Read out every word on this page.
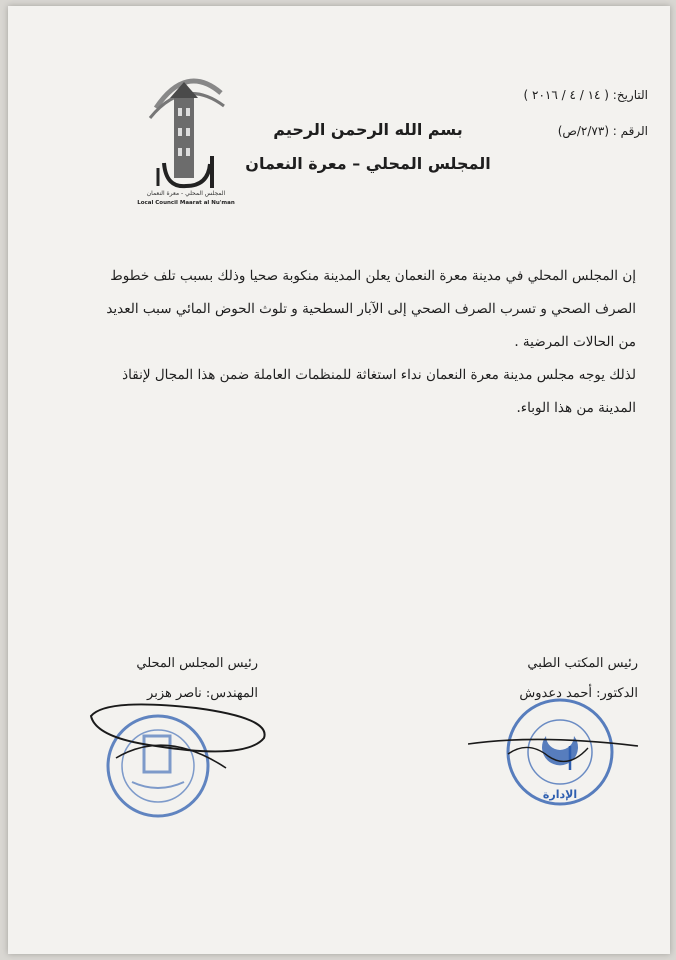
المجلس المحلي - معرة النعمان
Local Council Maarat al Nu'man
التاريخ: ( ١٤ / ٤ / ٢٠١٦ )
الرقم : (٢/٧٣/ص)
بسم الله الرحمن الرحيم
المجلس المحلي – معرة النعمان

إن المجلس المحلي في مدينة معرة النعمان يعلن المدينة منكوبة صحيا وذلك بسبب تلف خطوط الصرف الصحي و تسرب الصرف الصحي إلى الآبار السطحية و تلوث الحوض المائي سبب العديد من الحالات المرضية .

لذلك يوجه مجلس مدينة معرة النعمان نداء استغاثة للمنظمات العاملة ضمن هذا المجال لإنقاذ المدينة من هذا الوباء.

رئيس المكتب الطبي
الدكتور: أحمد دعدوش
رئيس المجلس المحلي
المهندس: ناصر هزبر
الإدارة
